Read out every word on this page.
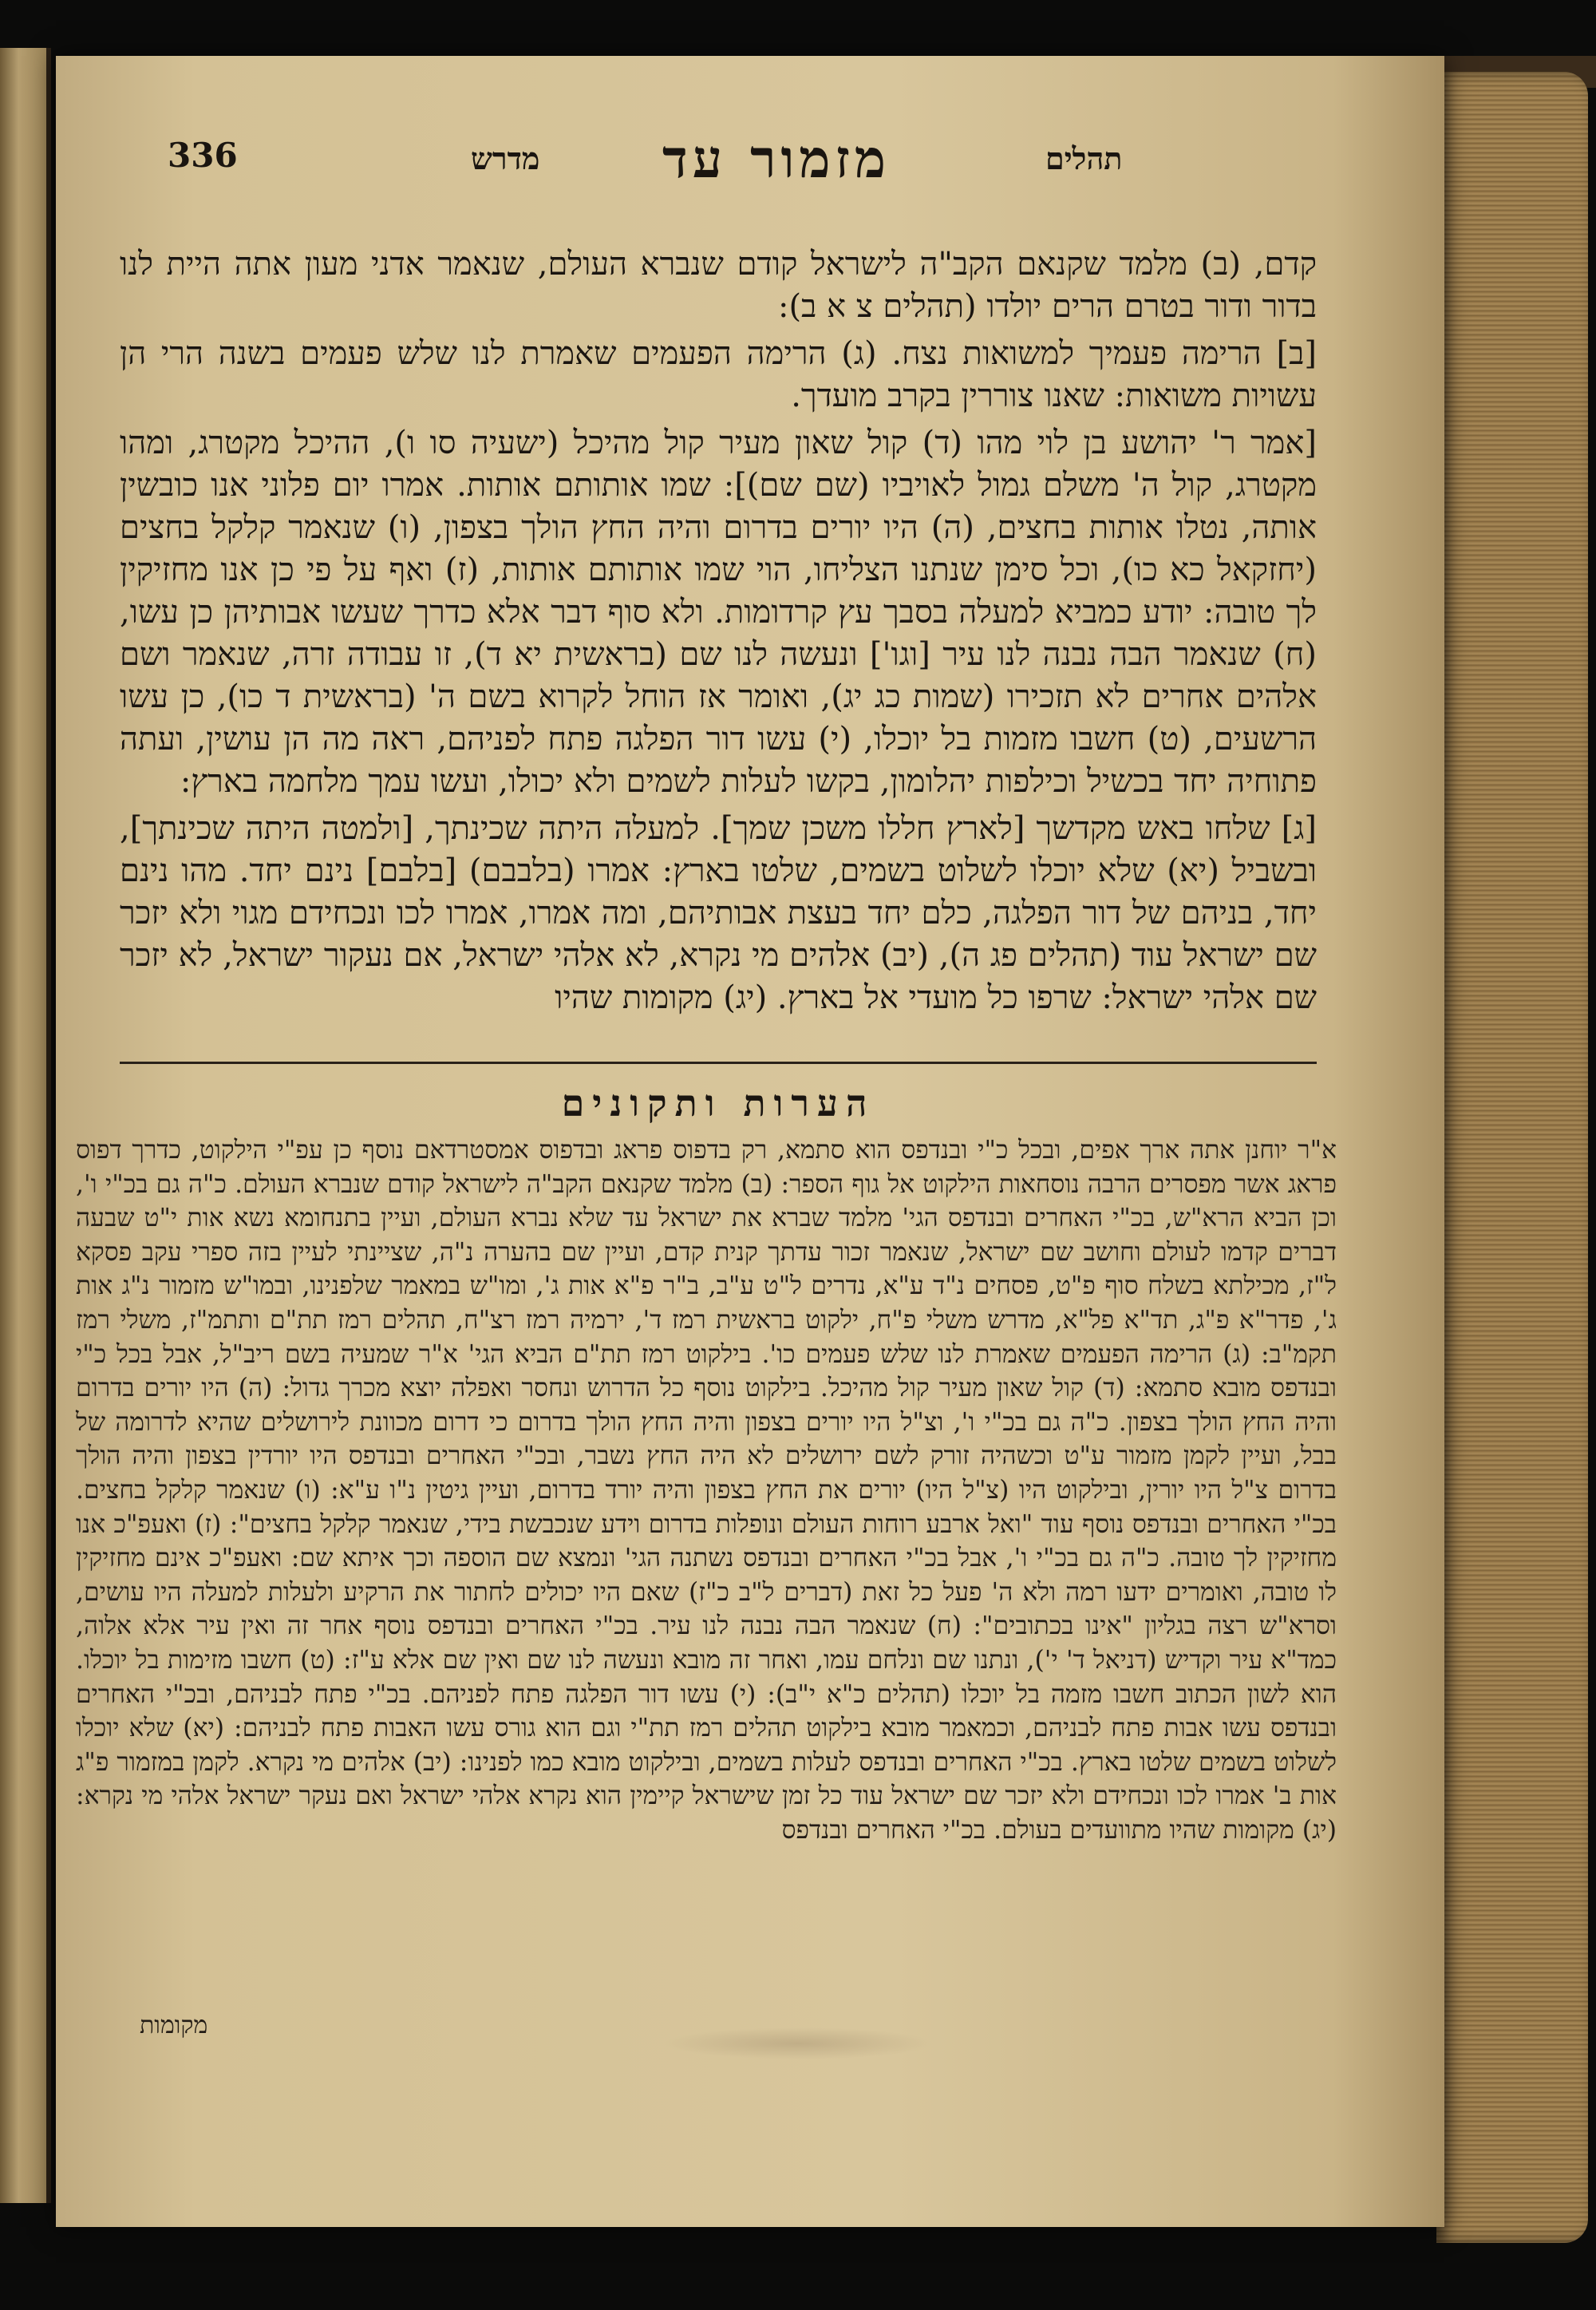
336	מדרש מזמור עד	תהלים

קדם, (ב) מלמד שקנאם הקב"ה לישראל קודם שנברא העולם, שנאמר אדני מעון אתה היית לנו בדור ודור בטרם הרים יולדו (תהלים צ א ב):

[ב] הרימה פעמיך למשואות נצח. (ג) הרימה הפעמים שאמרת לנו שלש פעמים בשנה הרי הן עשויות משואות: שאנו צוררין בקרב מועדך.

[אמר ר' יהושע בן לוי מהו (ד) קול שאון מעיר קול מהיכל (ישעיה סו ו), ההיכל מקטרג, ומהו מקטרג, קול ה' משלם גמול לאויביו (שם שם)]: שמו אותותם אותות. אמרו יום פלוני אנו כובשין אותה, נטלו אותות בחצים, (ה) היו יורים בדרום והיה החץ הולך בצפון, (ו) שנאמר קלקל בחצים (יחזקאל כא כו), וכל סימן שנתנו הצליחו, הוי שמו אותותם אותות, (ז) ואף על פי כן אנו מחזיקין לך טובה: יודע כמביא למעלה בסבך עץ קרדומות. ולא סוף דבר אלא כדרך שעשו אבותיהן כן עשו, (ח) שנאמר הבה נבנה לנו עיר [וגו'] ונעשה לנו שם (בראשית יא ד), זו עבודה זרה, שנאמר ושם אלהים אחרים לא תזכירו (שמות כג יג), ואומר אז הוחל לקרוא בשם ה' (בראשית ד כו), כן עשו הרשעים, (ט) חשבו מזמות בל יוכלו, (י) עשו דור הפלגה פתח לפניהם, ראה מה הן עושין, ועתה פתוחיה יחד בכשיל וכילפות יהלומון, בקשו לעלות לשמים ולא יכולו, ועשו עמך מלחמה בארץ:

[ג] שלחו באש מקדשך [לארץ חללו משכן שמך]. למעלה היתה שכינתך, [ולמטה היתה שכינתך], ובשביל (יא) שלא יוכלו לשלוט בשמים, שלטו בארץ: אמרו (בלבבם) [בלבם] נינם יחד. מהו נינם יחד, בניהם של דור הפלגה, כלם יחד בעצת אבותיהם, ומה אמרו, אמרו לכו ונכחידם מגוי ולא יזכר שם ישראל עוד (תהלים פג ה), (יב) אלהים מי נקרא, לא אלהי ישראל, אם נעקור ישראל, לא יזכר שם אלהי ישראל: שרפו כל מועדי אל בארץ. (יג) מקומות שהיו

הערות ותקונים

א"ר יוחנן אתה ארך אפים, ובכל כ"י ובנדפס הוא סתמא, רק בדפוס פראג ובדפוס אמסטרדאם נוסף כן עפ"י הילקוט, כדרך דפוס פראג אשר מפסרים הרבה נוסחאות הילקוט אל גוף הספר: (ב) מלמד שקנאם הקב"ה לישראל קודם שנברא העולם. כ"ה גם בכ"י ו', וכן הביא הרא"ש, בכ"י האחרים ובנדפס הגי' מלמד שברא את ישראל עד שלא נברא העולם, ועיין בתנחומא נשא אות י"ט שבעה דברים קדמו לעולם וחושב שם ישראל, שנאמר זכור עדתך קנית קדם, ועיין שם בהערה נ"ה, שציינתי לעיין בזה ספרי עקב פסקא ל"ז, מכילתא בשלח סוף פ"ט, פסחים נ"ד ע"א, נדרים ל"ט ע"ב, ב"ר פ"א אות ג', ומו"ש במאמר שלפנינו, ובמו"ש מזמור נ"ג אות ג', פדר"א פ"ג, תד"א פל"א, מדרש משלי פ"ח, ילקוט בראשית רמז ד', ירמיה רמז רצ"ח, תהלים רמז תת"ם ותתמ"ז, משלי רמז תקמ"ב: (ג) הרימה הפעמים שאמרת לנו שלש פעמים כו'. בילקוט רמז תת"ם הביא הגי' א"ר שמעיה בשם ריב"ל, אבל בכל כ"י ובנדפס מובא סתמא: (ד) קול שאון מעיר קול מהיכל. בילקוט נוסף כל הדרוש ונחסר ואפלה יוצא מכרך גדול: (ה) היו יורים בדרום והיה החץ הולך בצפון. כ"ה גם בכ"י ו', וצ"ל היו יורים בצפון והיה החץ הולך בדרום כי דרום מכוונת לירושלים שהיא לדרומה של בבל, ועיין לקמן מזמור ע"ט וכשהיה זורק לשם ירושלים לא היה החץ נשבר, ובכ"י האחרים ובנדפס היו יורדין בצפון והיה הולך בדרום צ"ל היו יורין, ובילקוט היו (צ"ל היו) יורים את החץ בצפון והיה יורד בדרום, ועיין גיטין נ"ו ע"א: (ו) שנאמר קלקל בחצים. בכ"י האחרים ובנדפס נוסף עוד "ואל ארבע רוחות העולם ונופלות בדרום וידע שנכבשת בידי, שנאמר קלקל בחצים": (ז) ואעפ"כ אנו מחזיקין לך טובה. כ"ה גם בכ"י ו', אבל בכ"י האחרים ובנדפס נשתנה הגי' ונמצא שם הוספה וכך איתא שם: ואעפ"כ אינם מחזיקין לו טובה, ואומרים ידעו רמה ולא ה' פעל כל זאת (דברים ל"ב כ"ז) שאם היו יכולים לחתור את הרקיע ולעלות למעלה היו עושים, וסרא"ש רצה בגליון "אינו בכתובים": (ח) שנאמר הבה נבנה לנו עיר. בכ"י האחרים ובנדפס נוסף אחר זה ואין עיר אלא אלוה, כמד"א עיר וקדיש (דניאל ד' י'), ונתנו שם ונלחם עמו, ואחר זה מובא ונעשה לנו שם ואין שם אלא ע"ז: (ט) חשבו מזימות בל יוכלו. הוא לשון הכתוב חשבו מזמה בל יוכלו (תהלים כ"א י"ב): (י) עשו דור הפלגה פתח לפניהם. בכ"י פתח לבניהם, ובכ"י האחרים ובנדפס עשו אבות פתח לבניהם, וכמאמר מובא בילקוט תהלים רמז תת"י וגם הוא גורס עשו האבות פתח לבניהם: (יא) שלא יוכלו לשלוט בשמים שלטו בארץ. בכ"י האחרים ובנדפס לעלות בשמים, ובילקוט מובא כמו לפנינו: (יב) אלהים מי נקרא. לקמן במזמור פ"ג אות ב' אמרו לכו ונכחידם ולא יזכר שם ישראל עוד כל זמן שישראל קיימין הוא נקרא אלהי ישראל ואם נעקר ישראל אלהי מי נקרא: (יג) מקומות שהיו מתוועדים בעולם. בכ"י האחרים ובנדפס

מקומות
